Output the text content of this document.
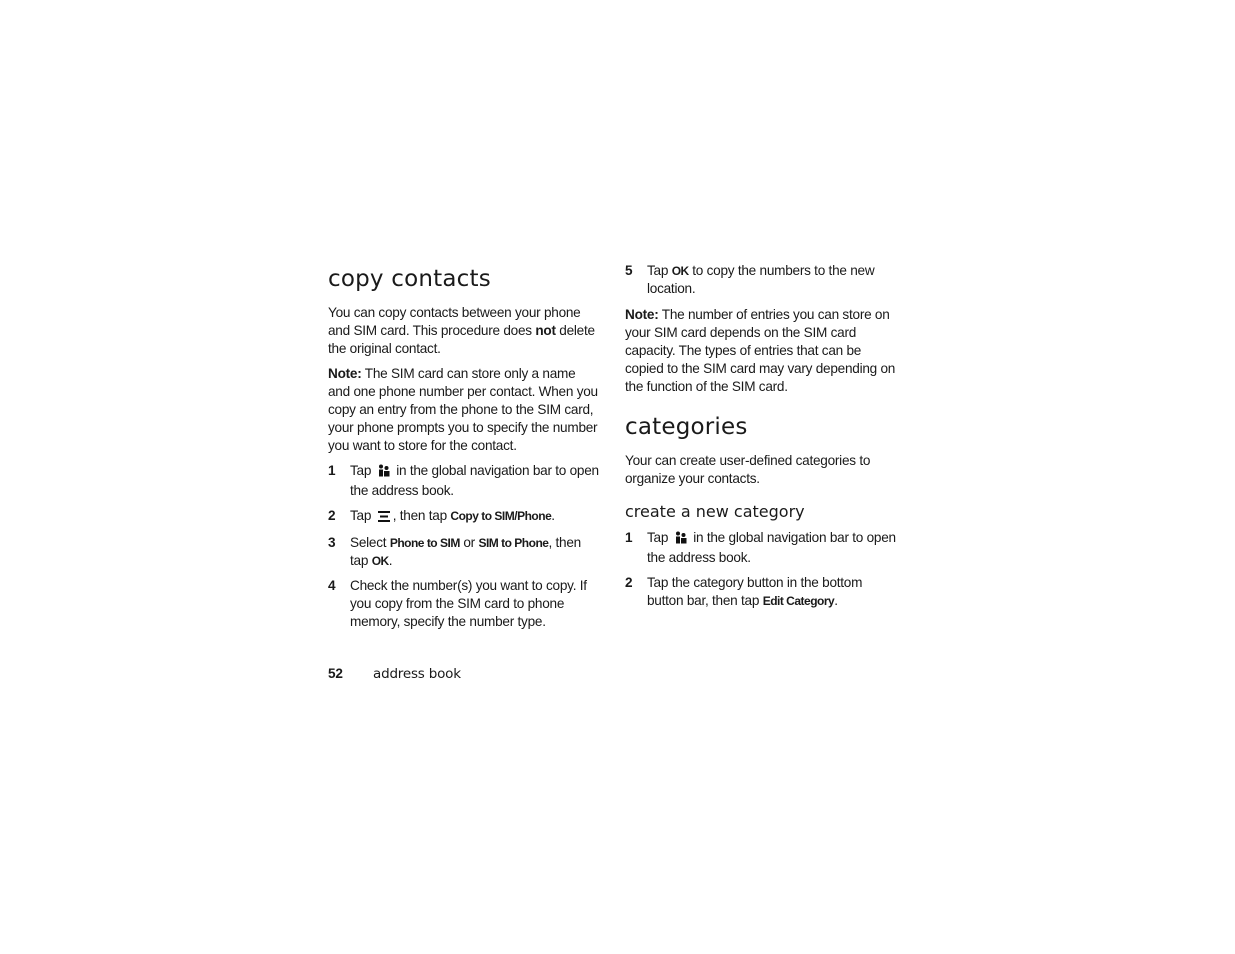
copy contacts

You can copy contacts between your phone and SIM card. This procedure does not delete the original contact.

Note: The SIM card can store only a name and one phone number per contact. When you copy an entry from the phone to the SIM card, your phone prompts you to specify the number you want to store for the contact.

1	Tap  in the global navigation bar to open the address book.
2	Tap , then tap Copy to SIM/Phone.
3	Select Phone to SIM or SIM to Phone, then tap OK.
4	Check the number(s) you want to copy. If you copy from the SIM card to phone memory, specify the number type.
5	Tap OK to copy the numbers to the new location.

Note: The number of entries you can store on your SIM card depends on the SIM card capacity. The types of entries that can be copied to the SIM card may vary depending on the function of the SIM card.

categories

Your can create user-defined categories to organize your contacts.

create a new category
1	Tap  in the global navigation bar to open the address book.
2	Tap the category button in the bottom button bar, then tap Edit Category.
52 address book
